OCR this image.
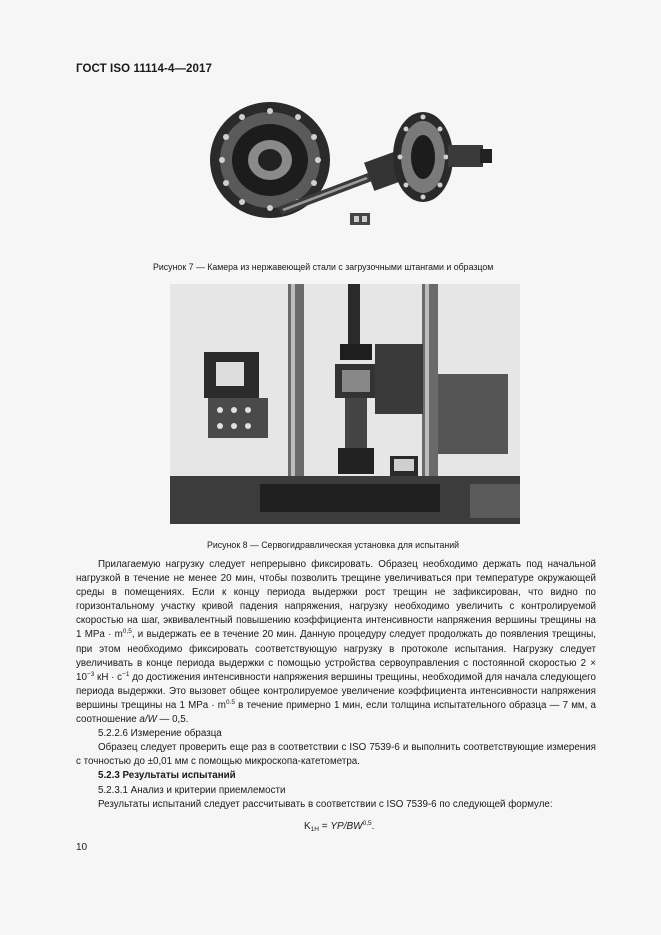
ГОСТ ISO 11114-4—2017
Рисунок 7 — Камера из нержавеющей стали с загрузочными штангами и образцом
Рисунок 8 — Сервогидравлическая установка для испытаний

Прилагаемую нагрузку следует непрерывно фиксировать. Образец необходимо держать под начальной нагрузкой в течение не менее 20 мин, чтобы позволить трещине увеличиваться при температуре окружающей среды в помещениях. Если к концу периода выдержки рост трещин не зафиксирован, что видно по горизонтальному участку кривой падения напряжения, нагрузку необходимо увеличить с контролируемой скоростью на шаг, эквивалентный повышению коэффициента интенсивности напряжения вершины трещины на 1 MPa · $m^{0,5}$, и выдержать ее в течение 20 мин. Данную процедуру следует продолжать до появления трещины, при этом необходимо фиксировать соответствующую нагрузку в протоколе испытания. Нагрузку следует увеличивать в конце периода выдержки с помощью устройства сервоуправления с постоянной скоростью $2 \times 10^{-3}$ кН · $с^{-1}$ до достижения интенсивности напряжения вершины трещины, необходимой для начала следующего периода выдержки. Это вызовет общее контролируемое увеличение коэффициента интенсивности напряжения вершины трещины на 1 MPa · $m^{0.5}$ в течение примерно 1 мин, если толщина испытательного образца — 7 мм, а соотношение a/W — 0,5.

5.2.2.6 Измерение образца

Образец следует проверить еще раз в соответствии с ISO 7539-6 и выполнить соответствующие измерения с точностью до ±0,01 мм с помощью микроскопа-катетометра.

5.2.3 Результаты испытаний

5.2.3.1 Анализ и критерии приемлемости

Результаты испытаний следует рассчитывать в соответствии с ISO 7539-6 по следующей формуле:

$K_{1H} = YP/BW^{0,5}$.
10
